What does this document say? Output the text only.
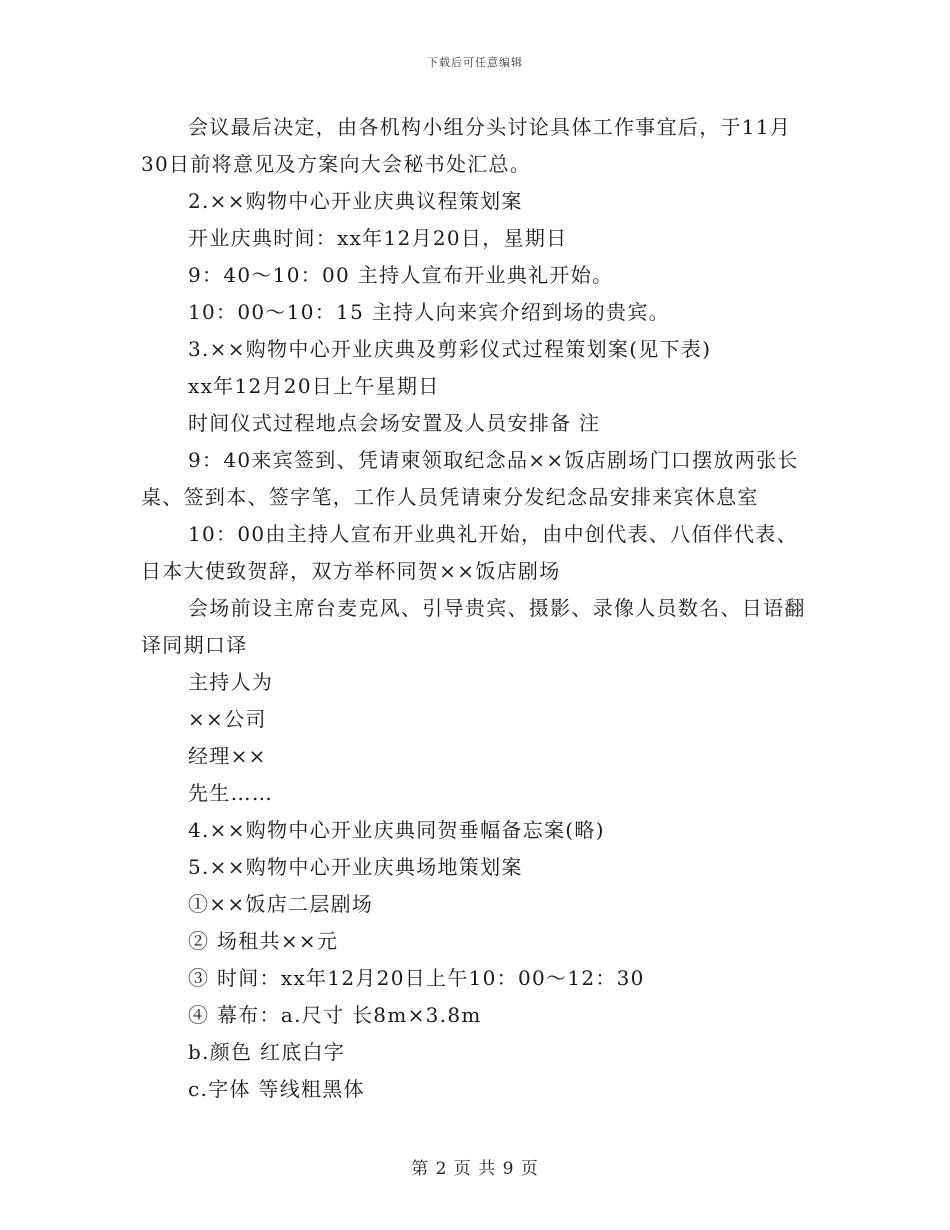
下载后可任意编辑

会议最后决定，由各机构小组分头讨论具体工作事宜后，于11月30日前将意见及方案向大会秘书处汇总。

2.××购物中心开业庆典议程策划案

开业庆典时间：xx年12月20日，星期日

9：40～10：00 主持人宣布开业典礼开始。

10：00～10：15 主持人向来宾介绍到场的贵宾。

3.××购物中心开业庆典及剪彩仪式过程策划案(见下表)

xx年12月20日上午星期日

时间仪式过程地点会场安置及人员安排备 注

9：40来宾签到、凭请柬领取纪念品××饭店剧场门口摆放两张长桌、签到本、签字笔，工作人员凭请柬分发纪念品安排来宾休息室

10：00由主持人宣布开业典礼开始，由中创代表、八佰伴代表、日本大使致贺辞，双方举杯同贺××饭店剧场

会场前设主席台麦克风、引导贵宾、摄影、录像人员数名、日语翻译同期口译

主持人为

××公司

经理××

先生……

4.××购物中心开业庆典同贺垂幅备忘案(略)

5.××购物中心开业庆典场地策划案

①××饭店二层剧场

② 场租共××元

③ 时间：xx年12月20日上午10：00～12：30

④ 幕布：a.尺寸 长8m×3.8m

b.颜色 红底白字

c.字体 等线粗黑体

第 2 页 共 9 页
